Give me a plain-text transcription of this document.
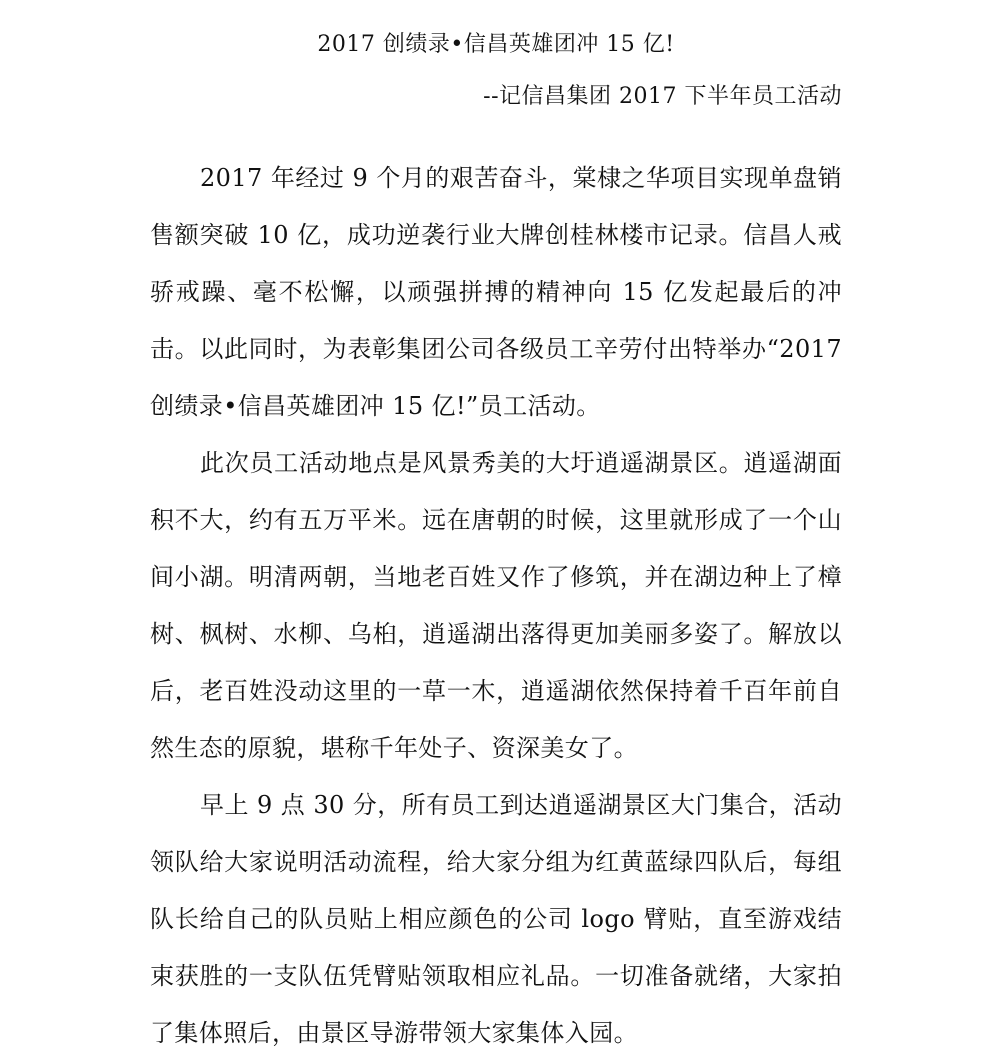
2017 创绩录•信昌英雄团冲 15 亿!
--记信昌集团 2017 下半年员工活动

2017 年经过 9 个月的艰苦奋斗，棠棣之华项目实现单盘销售额突破 10 亿，成功逆袭行业大牌创桂林楼市记录。信昌人戒骄戒躁、毫不松懈，以顽强拼搏的精神向 15 亿发起最后的冲击。以此同时，为表彰集团公司各级员工辛劳付出特举办“2017 创绩录•信昌英雄团冲 15 亿!”员工活动。

此次员工活动地点是风景秀美的大圩逍遥湖景区。逍遥湖面积不大，约有五万平米。远在唐朝的时候，这里就形成了一个山间小湖。明清两朝，当地老百姓又作了修筑，并在湖边种上了樟树、枫树、水柳、乌桕，逍遥湖出落得更加美丽多姿了。解放以后，老百姓没动这里的一草一木，逍遥湖依然保持着千百年前自然生态的原貌，堪称千年处子、资深美女了。

早上 9 点 30 分，所有员工到达逍遥湖景区大门集合，活动领队给大家说明活动流程，给大家分组为红黄蓝绿四队后，每组队长给自己的队员贴上相应颜色的公司 logo 臂贴，直至游戏结束获胜的一支队伍凭臂贴领取相应礼品。一切准备就绪，大家拍了集体照后，由景区导游带领大家集体入园。
